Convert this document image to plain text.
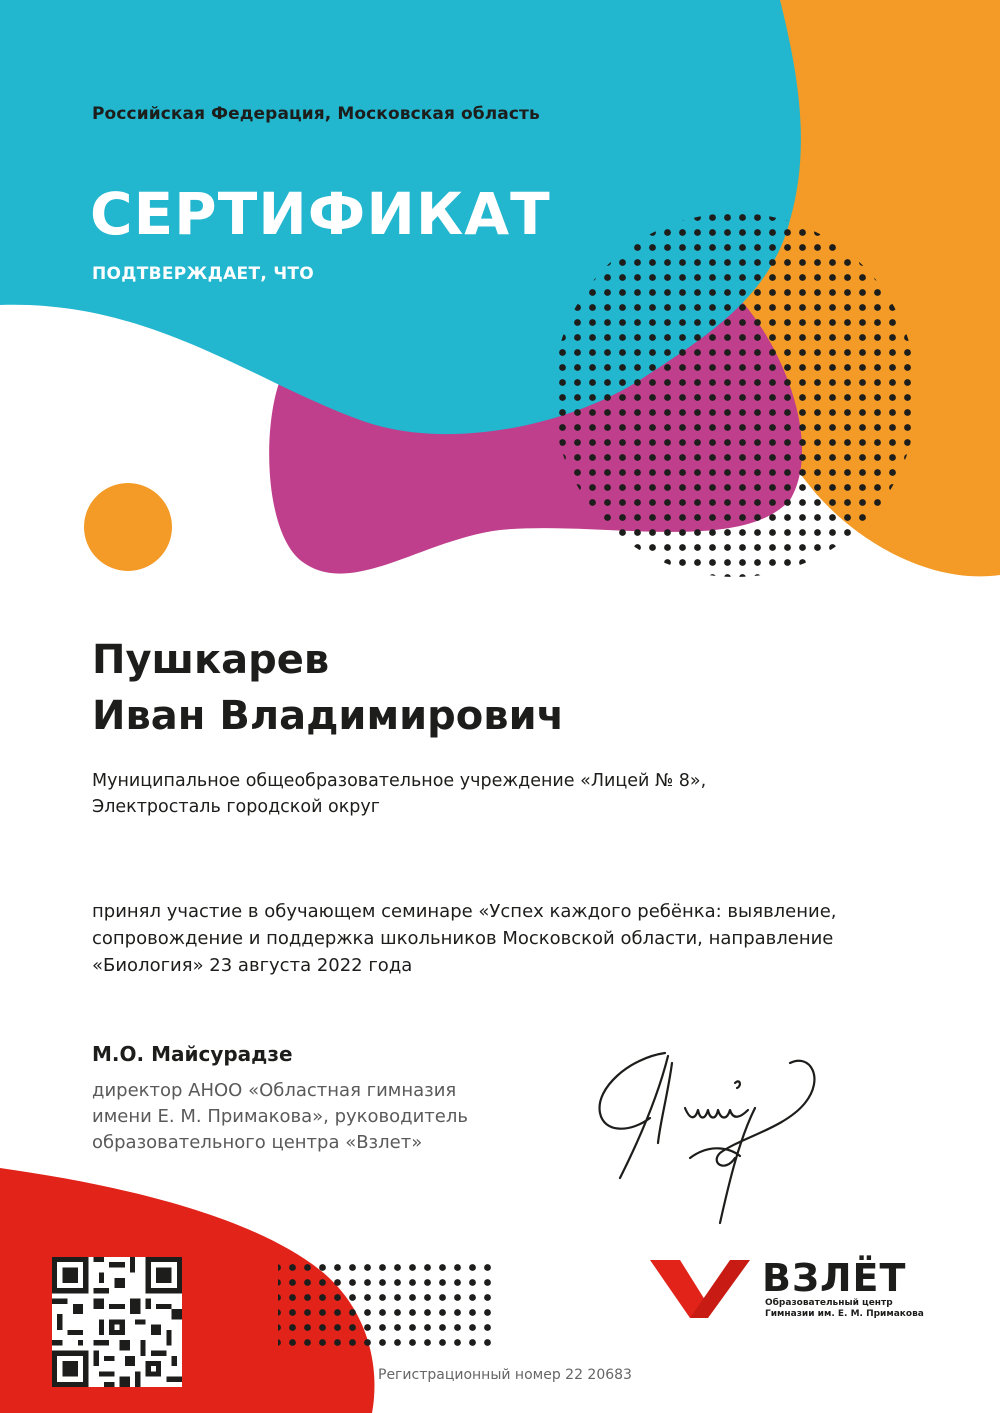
Российская Федерация, Московская область
СЕРТИФИКАТ
ПОДТВЕРЖДАЕТ, ЧТО
Пушкарев
Иван Владимирович
Муниципальное общеобразовательное учреждение «Лицей № 8»,
Электросталь городской округ
принял участие в обучающем семинаре «Успех каждого ребёнка: выявление,
сопровождение и поддержка школьников Московской области, направление
«Биология» 23 августа 2022 года
М.О. Майсурадзе
директор АНОО «Областная гимназия
имени Е. М. Примакова», руководитель
образовательного центра «Взлет»
ВЗЛЁТ
Образовательный центр
Гимназии им. Е. М. Примакова
Регистрационный номер 22 20683
